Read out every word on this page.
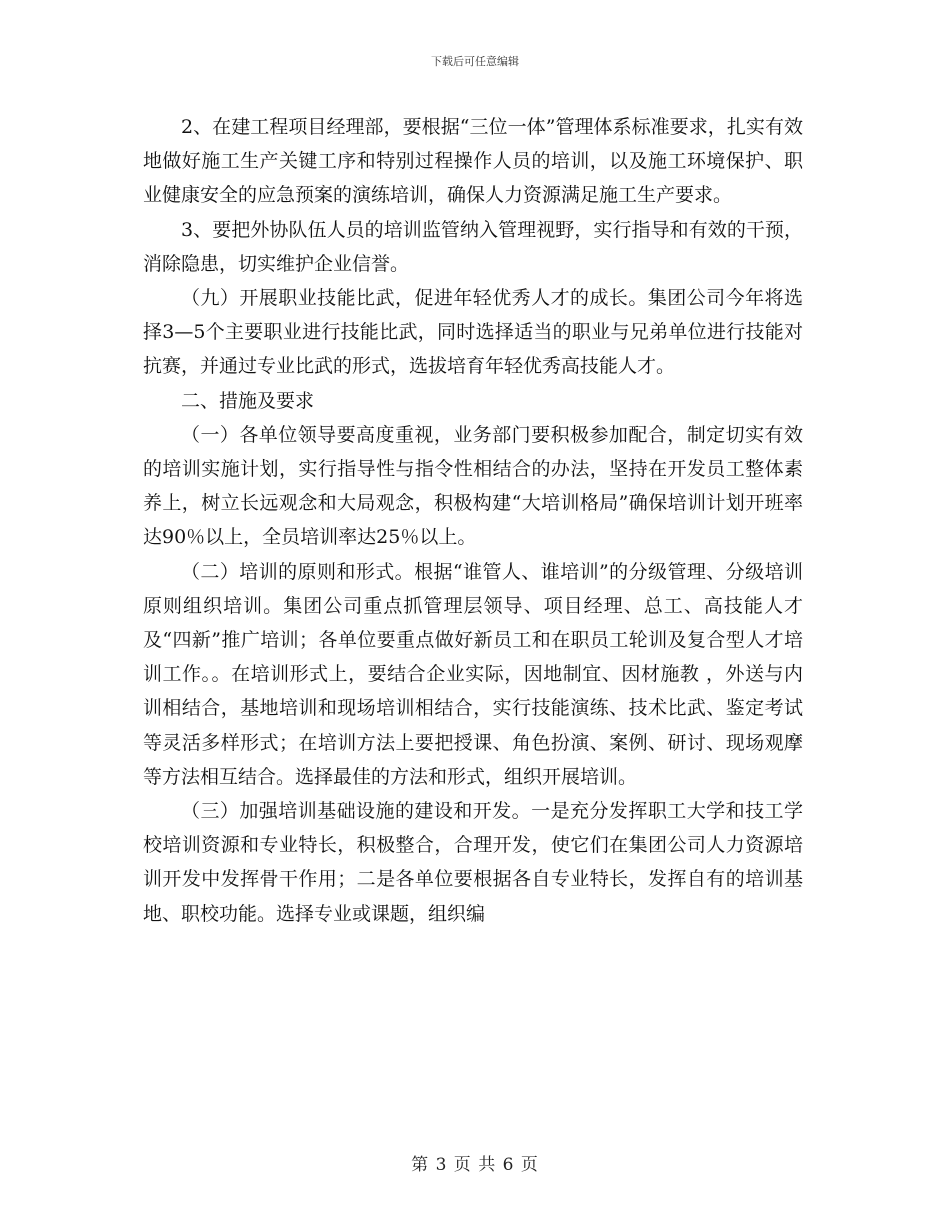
下载后可任意编辑

2、在建工程项目经理部，要根据“三位一体”管理体系标准要求，扎实有效地做好施工生产关键工序和特别过程操作人员的培训，以及施工环境保护、职业健康安全的应急预案的演练培训，确保人力资源满足施工生产要求。

3、要把外协队伍人员的培训监管纳入管理视野，实行指导和有效的干预，消除隐患，切实维护企业信誉。

（九）开展职业技能比武，促进年轻优秀人才的成长。集团公司今年将选择3—5个主要职业进行技能比武，同时选择适当的职业与兄弟单位进行技能对抗赛，并通过专业比武的形式，选拔培育年轻优秀高技能人才。

二、措施及要求

（一）各单位领导要高度重视，业务部门要积极参加配合，制定切实有效的培训实施计划，实行指导性与指令性相结合的办法，坚持在开发员工整体素养上，树立长远观念和大局观念，积极构建“大培训格局”确保培训计划开班率达90％以上，全员培训率达25％以上。

（二）培训的原则和形式。根据“谁管人、谁培训”的分级管理、分级培训原则组织培训。集团公司重点抓管理层领导、项目经理、总工、高技能人才及“四新”推广培训；各单位要重点做好新员工和在职员工轮训及复合型人才培训工作。。在培训形式上，要结合企业实际，因地制宜、因材施教 ，外送与内训相结合，基地培训和现场培训相结合，实行技能演练、技术比武、鉴定考试等灵活多样形式；在培训方法上要把授课、角色扮演、案例、研讨、现场观摩等方法相互结合。选择最佳的方法和形式，组织开展培训。

（三）加强培训基础设施的建设和开发。一是充分发挥职工大学和技工学校培训资源和专业特长，积极整合，合理开发，使它们在集团公司人力资源培训开发中发挥骨干作用；二是各单位要根据各自专业特长，发挥自有的培训基地、职校功能。选择专业或课题，组织编

第 3 页 共 6 页
